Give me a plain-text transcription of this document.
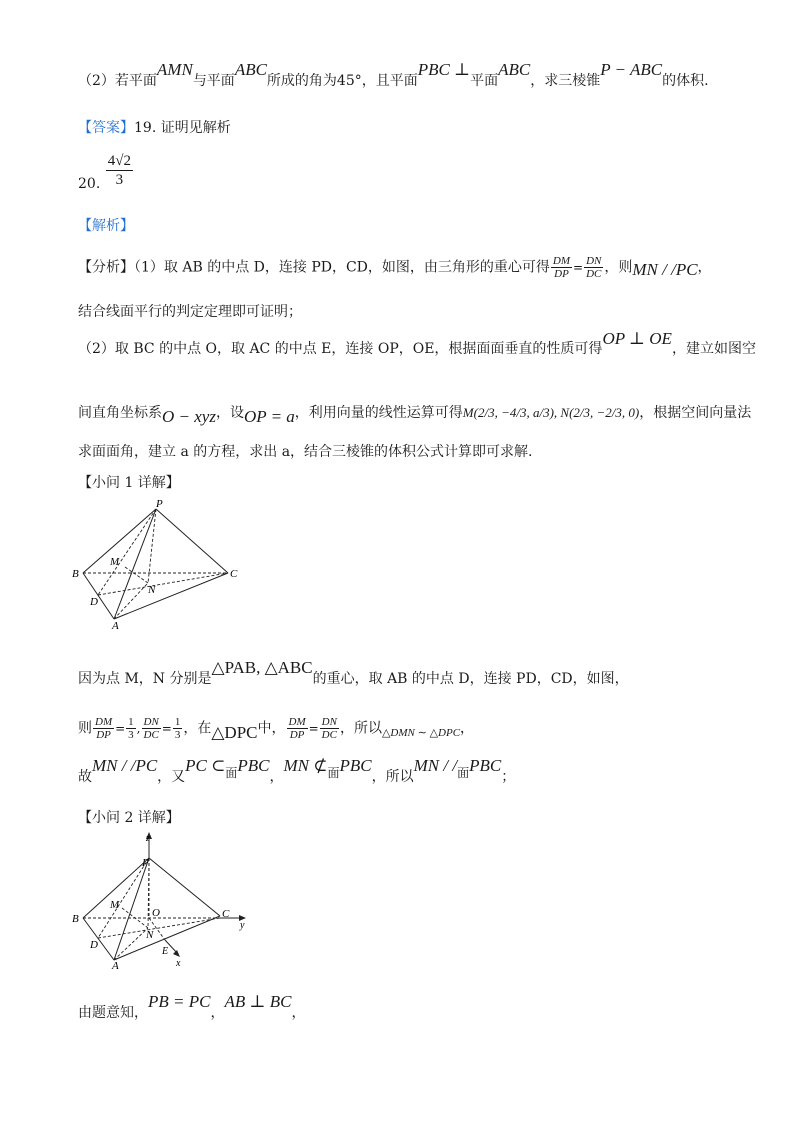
（2）若平面AMN与平面ABC所成的角为45°，且平面PBC ⊥平面ABC，求三棱锥P − ABC的体积.
【答案】19. 证明见解析
20. $\frac{4√2}{3}$
【解析】
【分析】（1）取 AB 的中点 D，连接 PD，CD，如图，由三角形的重心可得 $\frac{DM}{DP} = \frac{DN}{DC}$ ，则MN / /PC，
结合线面平行的判定定理即可证明；
（2）取 BC 的中点 O，取 AC 的中点 E，连接 OP，OE，根据面面垂直的性质可得OP ⊥ OE，建立如图空
间直角坐标系O − xyz，设OP = a，利用向量的线性运算可得M(2/3, −4/3, a/3), N(2/3, −2/3, 0)，根据空间向量法
求面面角，建立 a 的方程，求出 a，结合三棱锥的体积公式计算即可求解.
【小问 1 详解】
P
M
B	C
D
N
A
因为点 M，N 分别是△PAB, △ABC的重心，取 AB 的中点 D，连接 PD，CD，如图，
则 $\frac{DM}{DP} = \frac{1}{3}$ , $\frac{DN}{DC} = \frac{1}{3}$ ，在△DPC中， $\frac{DM}{DP} = \frac{DN}{DC}$ ，所以$_{\triangle DMN \sim \triangle DPC}$，
故MN / /PC，又PC ⊂面PBC，MN ⊄面PBC，所以MN / /面PBC；
【小问 2 详解】
z
P
M
B	O	C
y
D
N
E
A	x
由题意知，PB = PC，AB ⊥ BC，
